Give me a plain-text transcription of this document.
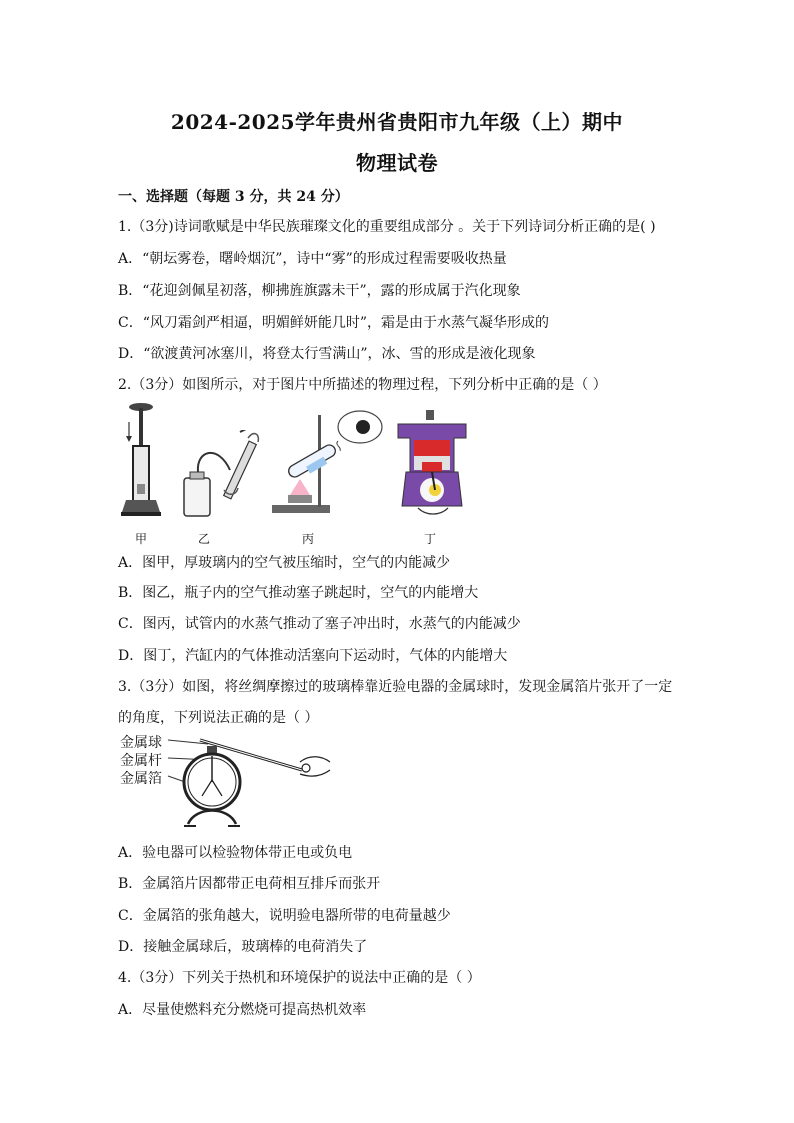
2024-2025学年贵州省贵阳市九年级（上）期中
物理试卷
一、选择题（每题 3 分，共 24 分）
1.（3分)诗词歌赋是中华民族璀璨文化的重要组成部分 。关于下列诗词分析正确的是( )
A．“朝坛雾卷，曙岭烟沉”，诗中“雾”的形成过程需要吸收热量
B．“花迎剑佩星初落，柳拂旌旗露未干”，露的形成属于汽化现象
C．“风刀霜剑严相逼，明媚鲜妍能几时”，霜是由于水蒸气凝华形成的
D．“欲渡黄河冰塞川，将登太行雪满山”，冰、雪的形成是液化现象
2.（3分）如图所示，对于图片中所描述的物理过程，下列分析中正确的是（ ）
甲	乙	丙	丁
A．图甲，厚玻璃内的空气被压缩时，空气的内能减少
B．图乙，瓶子内的空气推动塞子跳起时，空气的内能增大
C．图丙，试管内的水蒸气推动了塞子冲出时，水蒸气的内能减少
D．图丁，汽缸内的气体推动活塞向下运动时，气体的内能增大
3.（3分）如图，将丝绸摩擦过的玻璃棒靠近验电器的金属球时，发现金属箔片张开了一定
的角度，下列说法正确的是（ ）
金属球
金属杆
金属箔
A．验电器可以检验物体带正电或负电
B．金属箔片因都带正电荷相互排斥而张开
C．金属箔的张角越大，说明验电器所带的电荷量越少
D．接触金属球后，玻璃棒的电荷消失了
4.（3分）下列关于热机和环境保护的说法中正确的是（ ）
A．尽量使燃料充分燃烧可提高热机效率
